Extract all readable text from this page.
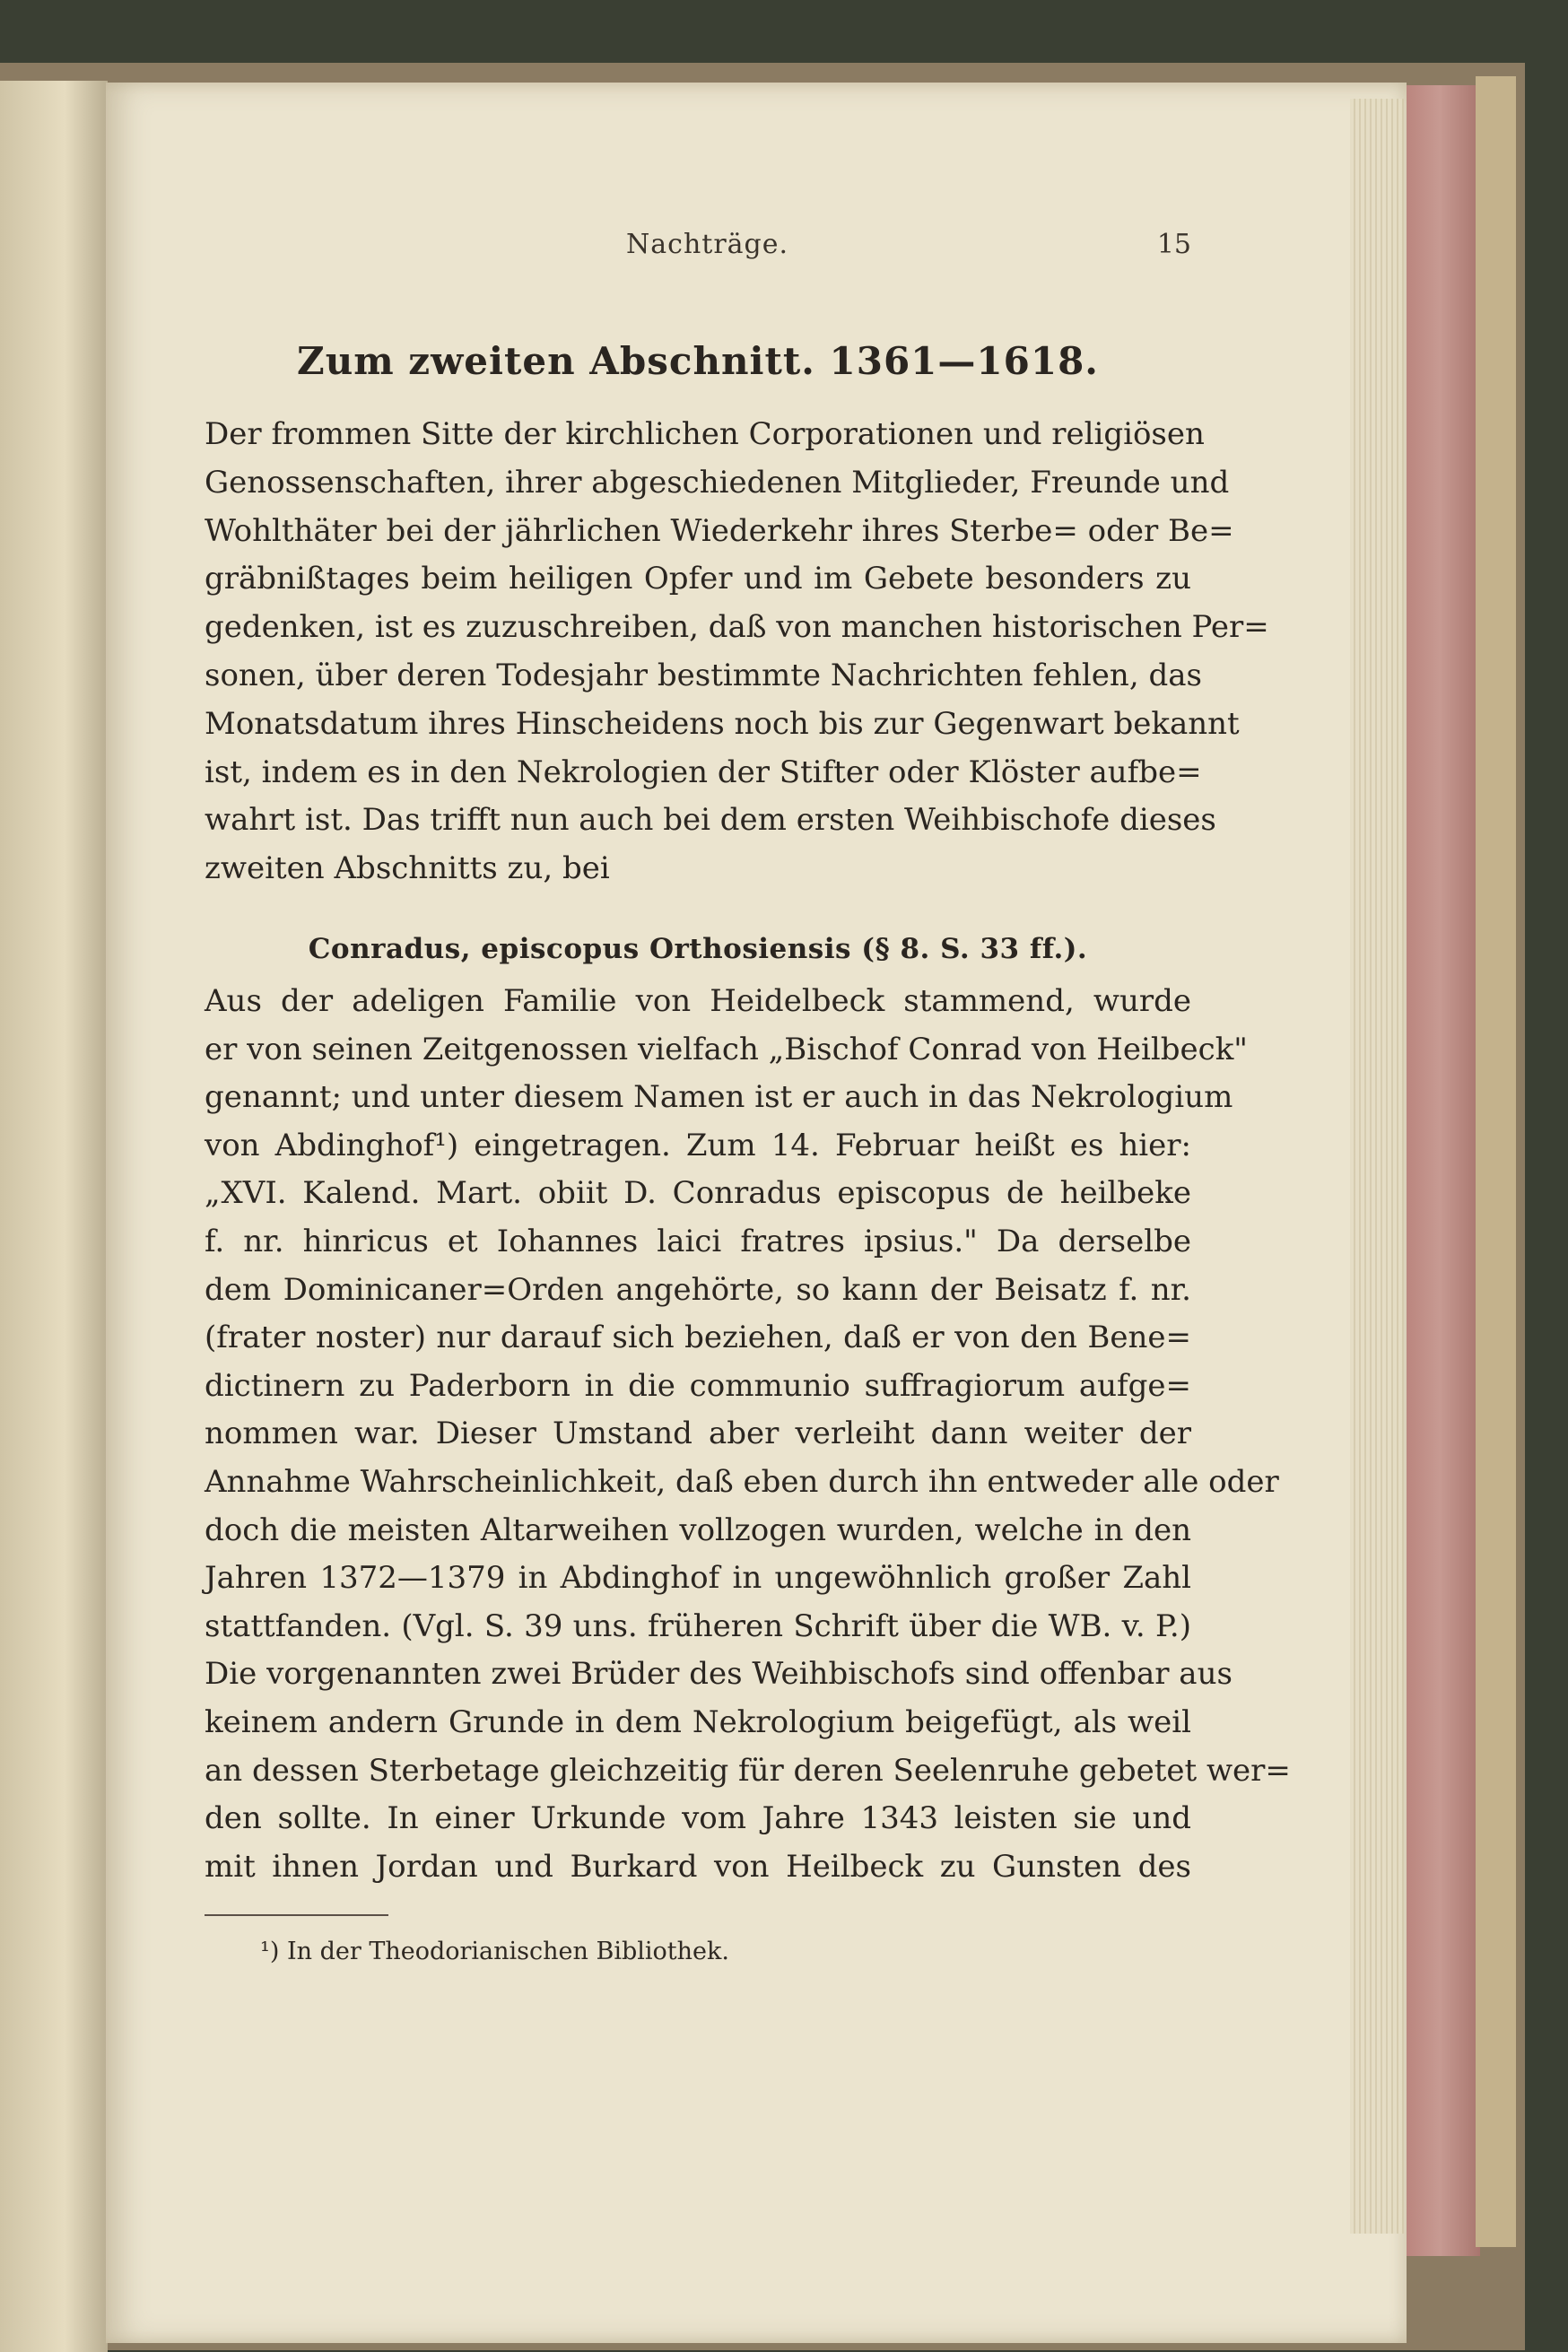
Nachträge.	15
Zum zweiten Abschnitt. 1361—1618.
Der frommen Sitte der kirchlichen Corporationen und religiösen
Genossenschaften, ihrer abgeschiedenen Mitglieder, Freunde und
Wohlthäter bei der jährlichen Wiederkehr ihres Sterbe= oder Be=
gräbnißtages beim heiligen Opfer und im Gebete besonders zu
gedenken, ist es zuzuschreiben, daß von manchen historischen Per=
sonen, über deren Todesjahr bestimmte Nachrichten fehlen, das
Monatsdatum ihres Hinscheidens noch bis zur Gegenwart bekannt
ist, indem es in den Nekrologien der Stifter oder Klöster aufbe=
wahrt ist. Das trifft nun auch bei dem ersten Weihbischofe dieses
zweiten Abschnitts zu, bei
Conradus, episcopus Orthosiensis (§ 8. S. 33 ff.).
Aus der adeligen Familie von Heidelbeck stammend, wurde
er von seinen Zeitgenossen vielfach „Bischof Conrad von Heilbeck"
genannt; und unter diesem Namen ist er auch in das Nekrologium
von Abdinghof¹) eingetragen. Zum 14. Februar heißt es hier:
„XVI. Kalend. Mart. obiit D. Conradus episcopus de heilbeke
f. nr. hinricus et Iohannes laici fratres ipsius." Da derselbe
dem Dominicaner=Orden angehörte, so kann der Beisatz f. nr.
(frater noster) nur darauf sich beziehen, daß er von den Bene=
dictinern zu Paderborn in die communio suffragiorum aufge=
nommen war. Dieser Umstand aber verleiht dann weiter der
Annahme Wahrscheinlichkeit, daß eben durch ihn entweder alle oder
doch die meisten Altarweihen vollzogen wurden, welche in den
Jahren 1372—1379 in Abdinghof in ungewöhnlich großer Zahl
stattfanden. (Vgl. S. 39 uns. früheren Schrift über die WB. v. P.)
Die vorgenannten zwei Brüder des Weihbischofs sind offenbar aus
keinem andern Grunde in dem Nekrologium beigefügt, als weil
an dessen Sterbetage gleichzeitig für deren Seelenruhe gebetet wer=
den sollte. In einer Urkunde vom Jahre 1343 leisten sie und
mit ihnen Jordan und Burkard von Heilbeck zu Gunsten des
¹) In der Theodorianischen Bibliothek.
